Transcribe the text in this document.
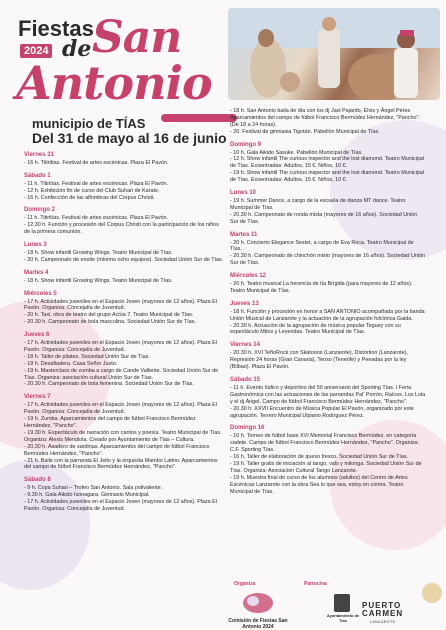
Fiestas
2024 de San
Antonio
municipio de TÍAS
Del 31 de mayo al 16 de junio
Viernes 31

- 16 h. Titiritías. Festival de artes escénicas. Plaza El Pavón.

Sábado 1

- 11 h. Titiritías. Festival de artes escénicas. Plaza El Pavón.

- 12 h. Exhibición fin de curso del Club Suhari de Karate.

- 16 h. Confección de las alfombras del Corpus Christi.

Domingo 2

- 11 h. Titiritías. Festival de artes escénicas. Plaza El Pavón.

- 12.30 h. Función y procesión del Corpus Christi con la participación de los niños de la primera comunión.

Lunes 3

- 18 h. Show infantil Growing Wings. Teatro Municipal de Tías.

- 20 h. Campeonato de envite (mínimo ocho equipos). Sociedad Unión Sur de Tías.

Martes 4

- 18 h. Show infantil Growing Wings. Teatro Municipal de Tías.

Miércoles 5

- 17 h. Actividades juveniles en el Espacio Joven (mayores de 12 años). Plaza El Pavón. Organiza: Concejalía de Juventud.

- 20 h. Taxi, obra de teatro del grupo Actúa 7. Teatro Municipal de Tías.

- 20.30 h. Campeonato de bola masculina. Sociedad Unión Sur de Tías.

Jueves 6

- 17 h. Actividades juveniles en el Espacio Joven (mayores de 12 años). Plaza El Pavón. Organiza: Concejalía de Juventud.

- 18 h. Taller de pilates. Sociedad Unión Sur de Tías.

- 19 h. Desafiadera. Casa Señor Justo.

- 19 h. Masterclass de zumba a cargo de Cande Vallente. Sociedad Unión Sur de Tías. Organiza: asociación cultural Unión Sur de Tías.

- 20.30 h. Campeonato de bola femenina. Sociedad Unión Sur de Tías.

Viernes 7

- 17 h. Actividades juveniles en el Espacio Joven (mayores de 12 años). Plaza El Pavón. Organiza: Concejalía de Juventud.

- 19 h. Zumba. Aparcamientos del campo de fútbol Francisco Bermúdez Hernández, "Pancho".

- 19.30 h. Espectáculo de narración con cantos y poesía. Teatro Municipal de Tías. Organiza: Alexis Mendiola. Creado por Ayuntamiento de Tías – Cultura.

- 20.30 h. Asadero de sardinas. Aparcamientos del campo de fútbol Francisco Bermúdez Hernández, "Pancho".

- 21 h. Baile con la parranda El Jeito y la orquesta Mambo Latino. Aparcamientos del campo de fútbol Francisco Bermúdez Hernández, "Pancho".

Sábado 8

- 9 h. Copa Suhari – Trofeo San Antonio. Sala polivalente.

- 9.30 h. Gala Aikido Isonagara. Gimnasio Municipal.

- 17 h. Actividades juveniles en el Espacio Joven (mayores de 12 años). Plaza El Pavón. Organiza: Concejalía de Juventud.

- 18 h. San Antonio baila de día con los dj Javi Pajardo, Elvis y Ángel Pérez. Aparcamientos del campo de fútbol Francisco Bermúdez Hernández, "Pancho". (De 18 a 24 horas).

- 20. Festival de gimnasia Tigotán. Pabellón Municipal de Tías.

Domingo 9

- 10 h. Gala Aikido Sasuke. Pabellón Municipal de Tías.

- 12 h. Show infantil The curious inspector and the lost diamond. Teatro Municipal de Tías. Ecoentradas: Adultos, 15 €. Niños, 10 €.

- 19 h. Show infantil The curious inspector and the lost diamond. Teatro Municipal de Tías. Ecoentradas: Adultos, 15 €. Niños, 10 €.

Lunes 10

- 19 h. Summer Dance, a cargo de la escuela de danza MT dance. Teatro Municipal de Tías.

- 20.30 h. Campeonato de ronda mixta (mayores de 16 años). Sociedad Unión Sur de Tías.

Martes 11

- 20 h. Concierto Elegance Sextet, a cargo de Eva Roca. Teatro Municipal de Tías.

- 20.30 h. Campeonato de chinchón mixto (mayores de 16 años). Sociedad Unión Sur de Tías.

Miércoles 12

- 20 h. Teatro musical La herencia de tía Brígida (para mayores de 12 años). Teatro Municipal de Tías.

Jueves 13

- 18 h. Función y procesión en honor a SAN ANTONIO acompañada por la banda Unión Musical de Lanzarote y la actuación de la agrupación folclórica Gaida.

- 20.30 h. Actuación de la agrupación de música popular Teguey con su espectáculo Mitos y Leyendas. Teatro Municipal de Tías.

Viernes 14

- 20.30 h. XVI TeñoRock con Skatoons (Lanzarote), Distortion (Lanzarote), Represión 24 horas (Gran Canaria), Tenso (Tenerife) y Penadas por la ley (Bilbao). Plaza El Pavón.

Sábado 15

- 11 h. Evento lúdico y deportivo del 50 aniversario del Sporting Tías. I Feria Gastronómica con las actuaciones de las parrandas Pal' Porrón, Raíces, Los Lola y el dj Ángel. Campo de fútbol Francisco Bermúdez Hernández, "Pancho".

- 20.30 h. XXVII Encuentro de Música Popular El Pavón, organizado por este agrupación. Terrero Municipal Ulpiano Rodríguez Pérez.

Domingo 16

- 10 h. Torneo de fútbol base XVI Memorial Francisco Bermúdez, en categoría cadete. Campo de fútbol Francisco Bermúdez Hernández, "Pancho". Organiza: C.F. Sporting Tías.

- 16 h. Taller de elaboración de queso fresco. Sociedad Unión Sur de Tías.

- 19 h. Taller gratis de iniciación al tango, vals y milonga. Sociedad Unión Sur de Tías. Organiza: Asociación Cultural Tango Lanzarote.

- 19 h. Muestra final de curso de los alumnos (adultos) del Centro de Artes Escénicas Lanzarote con la obra Sea lo que sea, estoy en contra. Teatro Municipal de Tías.

Organiza	Patrocina
Comisión de Fiestas San Antonio 2024
Ayuntamiento de Tías
PUERTO
CARMEN
LANZAROTE
